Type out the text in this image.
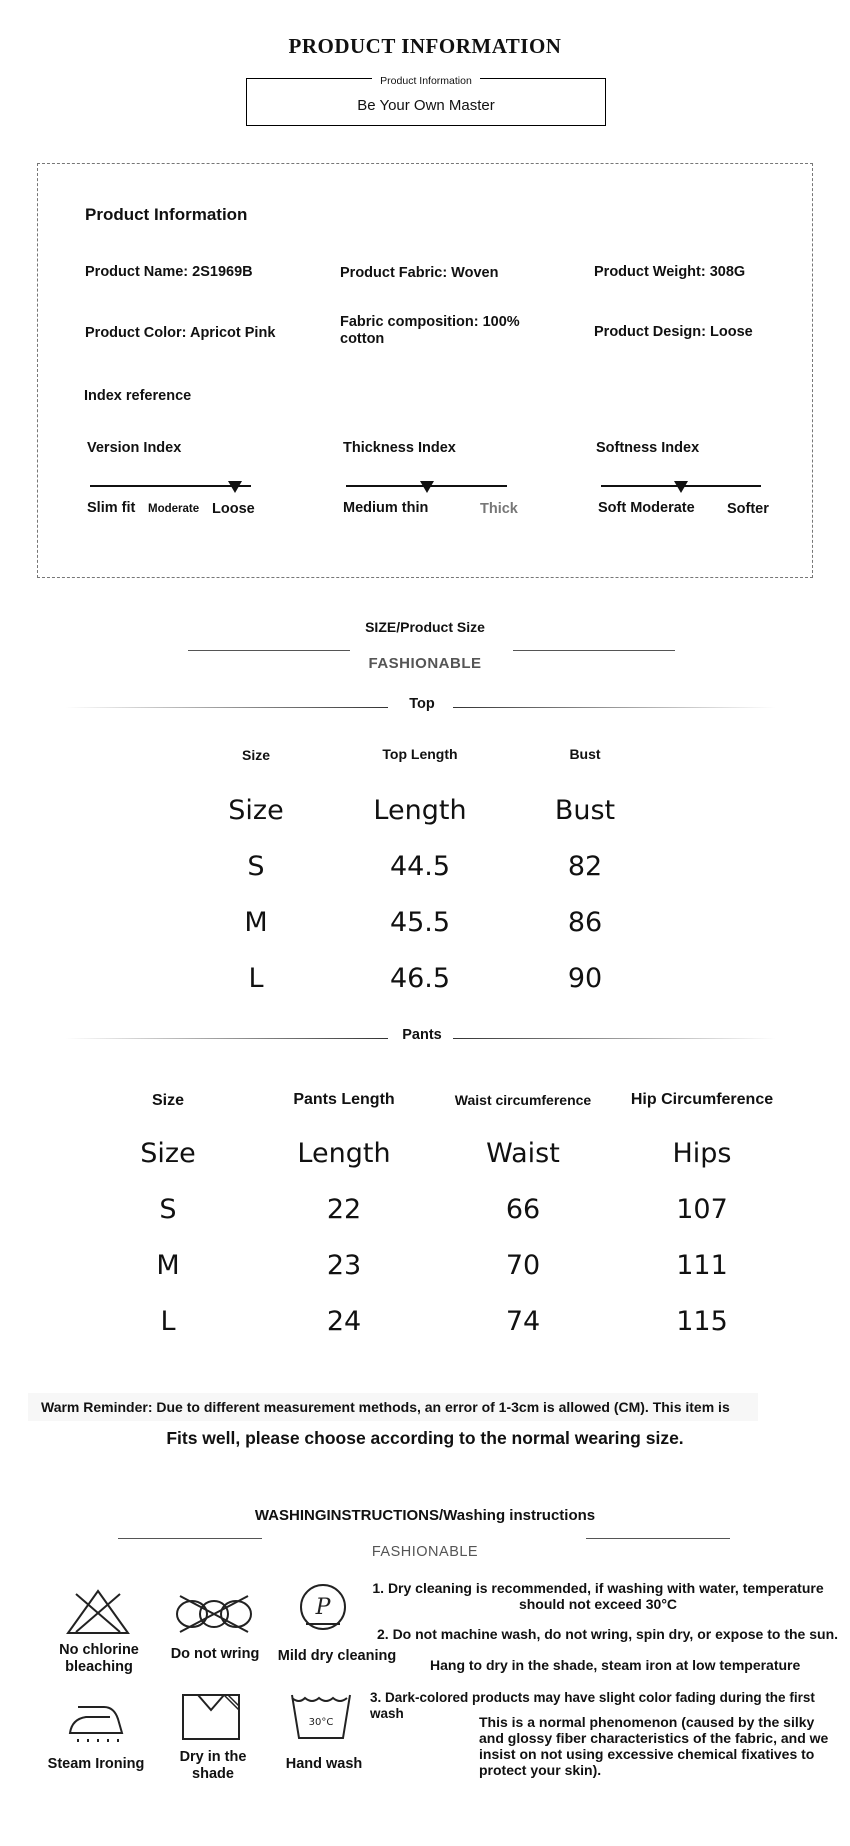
PRODUCT INFORMATION
Product Information
Be Your Own Master
Product Information
Product Name: 2S1969B	Product Fabric: Woven	Product Weight: 308G
Product Color: Apricot Pink
Fabric composition: 100% cotton	Product Design: Loose
Index reference
Version Index
Slim fit Moderate Loose
Thickness Index
Medium thin	Thick
Softness Index
Soft Moderate Softer
SIZE/Product Size
FASHIONABLE
Top
Size	Top Length	Bust
Size	Length	Bust
S	44.5	82
M	45.5	86
L	46.5	90
Pants
Size	Pants Length	Waist circumference	Hip Circumference
Size	Length	Waist	Hips
S	22	66	107
M	23	70	111
L	24	74	115
Warm Reminder: Due to different measurement methods, an error of 1-3cm is allowed (CM). This item is
Fits well, please choose according to the normal wearing size.
WASHINGINSTRUCTIONS/Washing instructions
FASHIONABLE
No chlorine bleaching
Do not wring
P
Mild dry cleaning
Steam Ironing	Dry in the shade
30°C
Hand wash
1. Dry cleaning is recommended, if washing with water, temperature should not exceed 30°C
2. Do not machine wash, do not wring, spin dry, or expose to the sun.
Hang to dry in the shade, steam iron at low temperature
3. Dark-colored products may have slight color fading during the first wash
This is a normal phenomenon (caused by the silky and glossy fiber characteristics of the fabric, and we insist on not using excessive chemical fixatives to protect your skin).
